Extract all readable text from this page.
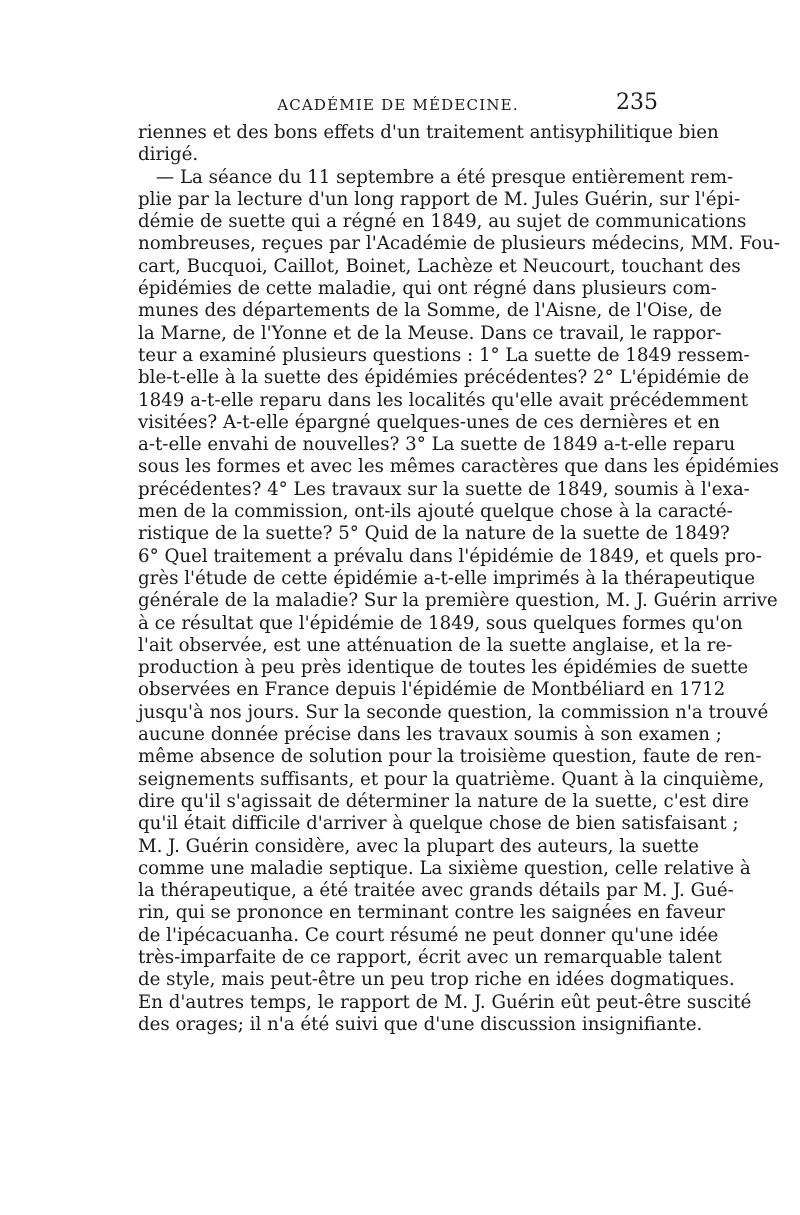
ACADÉMIE DE MÉDECINE.	235
riennes et des bons effets d'un traitement antisyphilitique bien
dirigé.
— La séance du 11 septembre a été presque entièrement rem-
plie par la lecture d'un long rapport de M. Jules Guérin, sur l'épi-
démie de suette qui a régné en 1849, au sujet de communications
nombreuses, reçues par l'Académie de plusieurs médecins, MM. Fou-
cart, Bucquoi, Caillot, Boinet, Lachèze et Neucourt, touchant des
épidémies de cette maladie, qui ont régné dans plusieurs com-
munes des départements de la Somme, de l'Aisne, de l'Oise, de
la Marne, de l'Yonne et de la Meuse. Dans ce travail, le rappor-
teur a examiné plusieurs questions : 1° La suette de 1849 ressem-
ble-t-elle à la suette des épidémies précédentes? 2° L'épidémie de
1849 a-t-elle reparu dans les localités qu'elle avait précédemment
visitées? A-t-elle épargné quelques-unes de ces dernières et en
a-t-elle envahi de nouvelles? 3° La suette de 1849 a-t-elle reparu
sous les formes et avec les mêmes caractères que dans les épidémies
précédentes? 4° Les travaux sur la suette de 1849, soumis à l'exa-
men de la commission, ont-ils ajouté quelque chose à la caracté-
ristique de la suette? 5° Quid de la nature de la suette de 1849?
6° Quel traitement a prévalu dans l'épidémie de 1849, et quels pro-
grès l'étude de cette épidémie a-t-elle imprimés à la thérapeutique
générale de la maladie? Sur la première question, M. J. Guérin arrive
à ce résultat que l'épidémie de 1849, sous quelques formes qu'on
l'ait observée, est une atténuation de la suette anglaise, et la re-
production à peu près identique de toutes les épidémies de suette
observées en France depuis l'épidémie de Montbéliard en 1712
jusqu'à nos jours. Sur la seconde question, la commission n'a trouvé
aucune donnée précise dans les travaux soumis à son examen ;
même absence de solution pour la troisième question, faute de ren-
seignements suffisants, et pour la quatrième. Quant à la cinquième,
dire qu'il s'agissait de déterminer la nature de la suette, c'est dire
qu'il était difficile d'arriver à quelque chose de bien satisfaisant ;
M. J. Guérin considère, avec la plupart des auteurs, la suette
comme une maladie septique. La sixième question, celle relative à
la thérapeutique, a été traitée avec grands détails par M. J. Gué-
rin, qui se prononce en terminant contre les saignées en faveur
de l'ipécacuanha. Ce court résumé ne peut donner qu'une idée
très-imparfaite de ce rapport, écrit avec un remarquable talent
de style, mais peut-être un peu trop riche en idées dogmatiques.
En d'autres temps, le rapport de M. J. Guérin eût peut-être suscité
des orages; il n'a été suivi que d'une discussion insignifiante.
